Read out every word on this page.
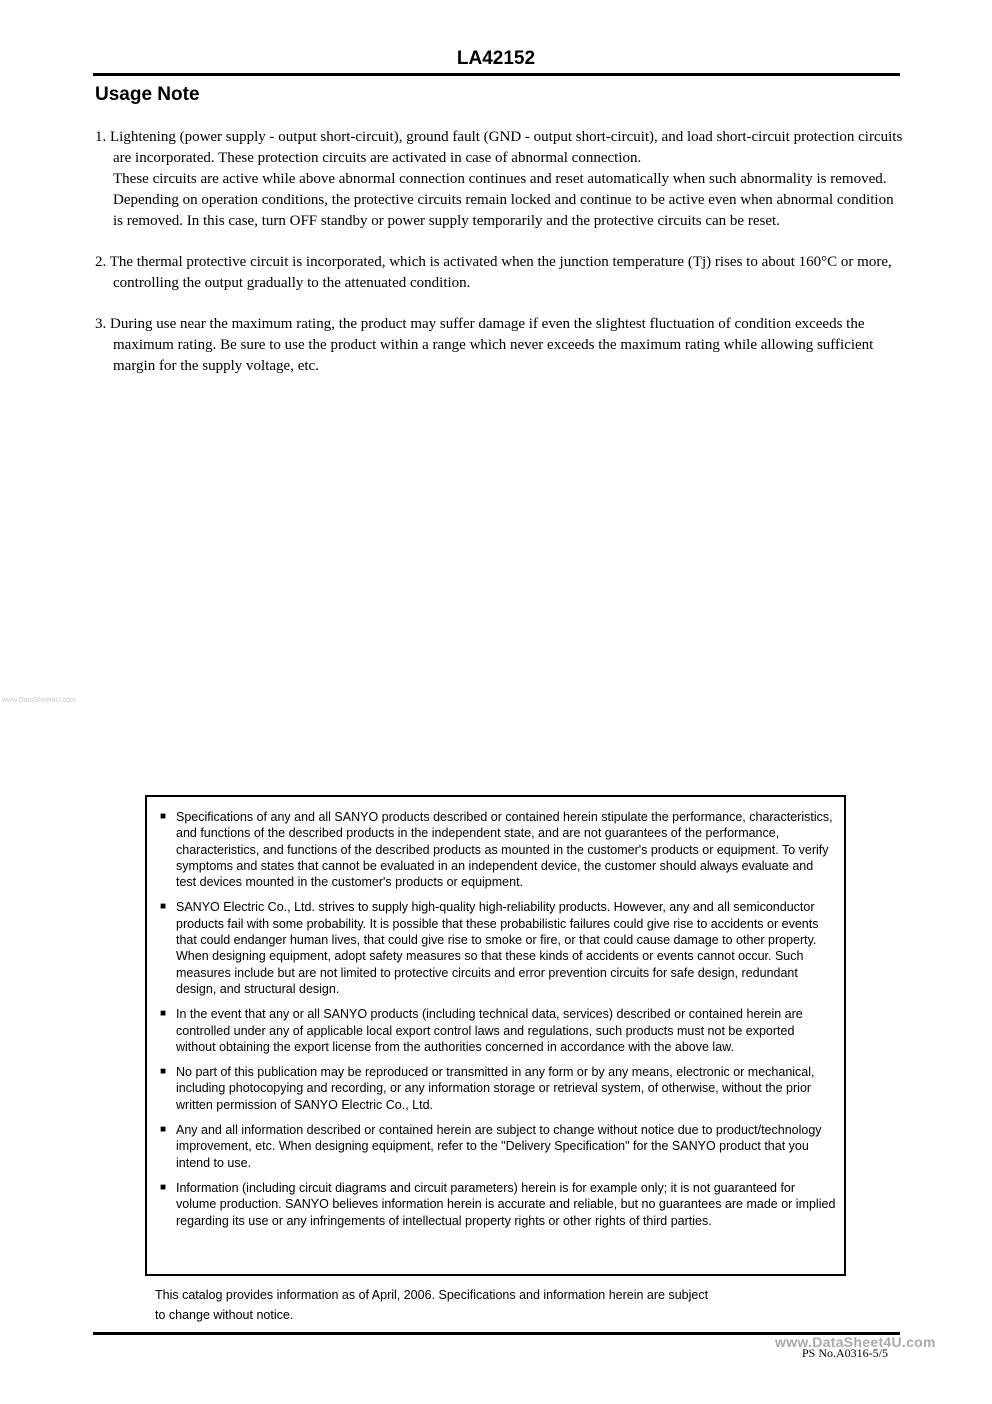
LA42152
Usage Note

1. Lightening (power supply - output short-circuit), ground fault (GND - output short-circuit), and load short-circuit protection circuits are incorporated. These protection circuits are activated in case of abnormal connection.

These circuits are active while above abnormal connection continues and reset automatically when such abnormality is removed.

Depending on operation conditions, the protective circuits remain locked and continue to be active even when abnormal condition is removed. In this case, turn OFF standby or power supply temporarily and the protective circuits can be reset.

2. The thermal protective circuit is incorporated, which is activated when the junction temperature (Tj) rises to about 160°C or more, controlling the output gradually to the attenuated condition.

3. During use near the maximum rating, the product may suffer damage if even the slightest fluctuation of condition exceeds the maximum rating. Be sure to use the product within a range which never exceeds the maximum rating while allowing sufficient margin for the supply voltage, etc.

www.DataSheet4U.com
■ Specifications of any and all SANYO products described or contained herein stipulate the performance, characteristics, and functions of the described products in the independent state, and are not guarantees of the performance, characteristics, and functions of the described products as mounted in the customer's products or equipment. To verify symptoms and states that cannot be evaluated in an independent device, the customer should always evaluate and test devices mounted in the customer's products or equipment.
■ SANYO Electric Co., Ltd. strives to supply high-quality high-reliability products. However, any and all semiconductor products fail with some probability. It is possible that these probabilistic failures could give rise to accidents or events that could endanger human lives, that could give rise to smoke or fire, or that could cause damage to other property. When designing equipment, adopt safety measures so that these kinds of accidents or events cannot occur. Such measures include but are not limited to protective circuits and error prevention circuits for safe design, redundant design, and structural design.
■ In the event that any or all SANYO products (including technical data, services) described or contained herein are controlled under any of applicable local export control laws and regulations, such products must not be exported without obtaining the export license from the authorities concerned in accordance with the above law.
■ No part of this publication may be reproduced or transmitted in any form or by any means, electronic or mechanical, including photocopying and recording, or any information storage or retrieval system, of otherwise, without the prior written permission of SANYO Electric Co., Ltd.
■ Any and all information described or contained herein are subject to change without notice due to product/technology improvement, etc. When designing equipment, refer to the "Delivery Specification" for the SANYO product that you intend to use.
■ Information (including circuit diagrams and circuit parameters) herein is for example only; it is not guaranteed for volume production. SANYO believes information herein is accurate and reliable, but no guarantees are made or implied regarding its use or any infringements of intellectual property rights or other rights of third parties.
This catalog provides information as of April, 2006. Specifications and information herein are subject
to change without notice.
www.DataSheet4U.com
PS No.A0316-5/5
